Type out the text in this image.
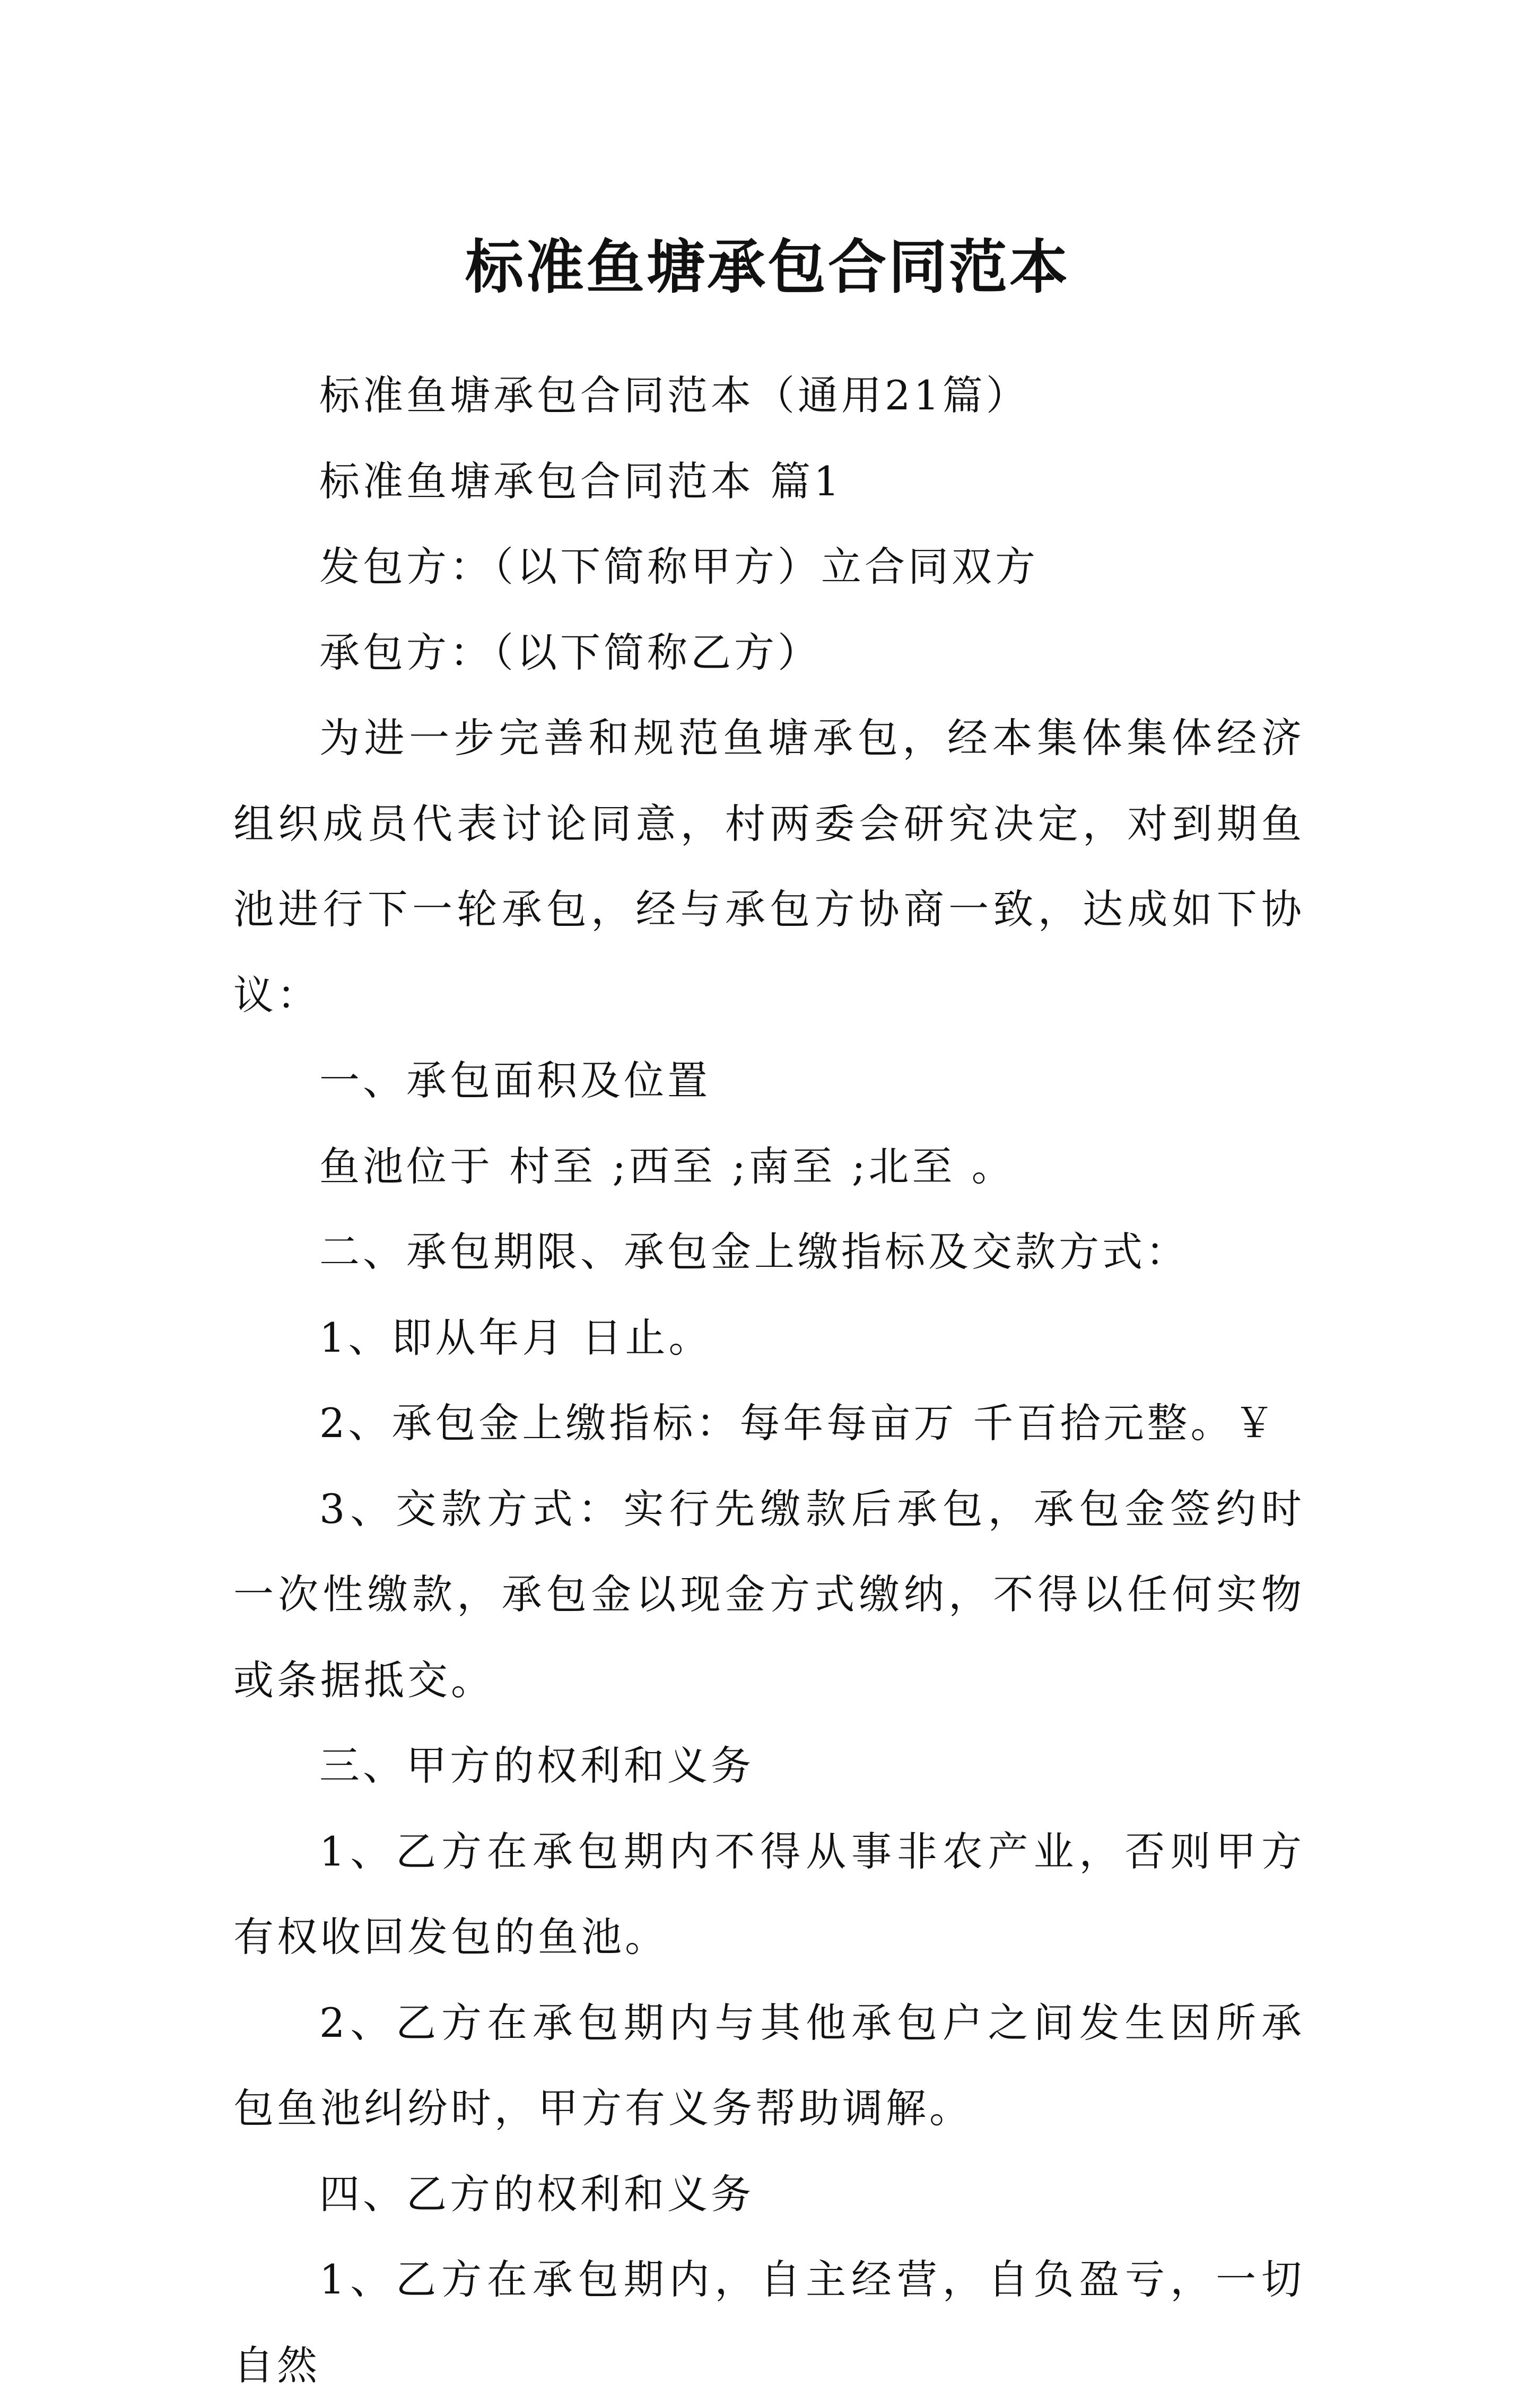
标准鱼塘承包合同范本

标准鱼塘承包合同范本（通用21篇）

标准鱼塘承包合同范本 篇1

发包方：（以下简称甲方）立合同双方

承包方：（以下简称乙方）

为进一步完善和规范鱼塘承包，经本集体集体经济组织成员代表讨论同意，村两委会研究决定，对到期鱼池进行下一轮承包，经与承包方协商一致，达成如下协议：

一、承包面积及位置

鱼池位于 村至 ;西至 ;南至 ;北至 。

二、承包期限、承包金上缴指标及交款方式：

1、即从年月 日止。

2、承包金上缴指标：每年每亩万 千百拾元整。￥

3、交款方式：实行先缴款后承包，承包金签约时一次性缴款，承包金以现金方式缴纳，不得以任何实物或条据抵交。

三、甲方的权利和义务

1、乙方在承包期内不得从事非农产业，否则甲方有权收回发包的鱼池。

2、乙方在承包期内与其他承包户之间发生因所承包鱼池纠纷时，甲方有义务帮助调解。

四、乙方的权利和义务

1、乙方在承包期内，自主经营，自负盈亏，一切自然
